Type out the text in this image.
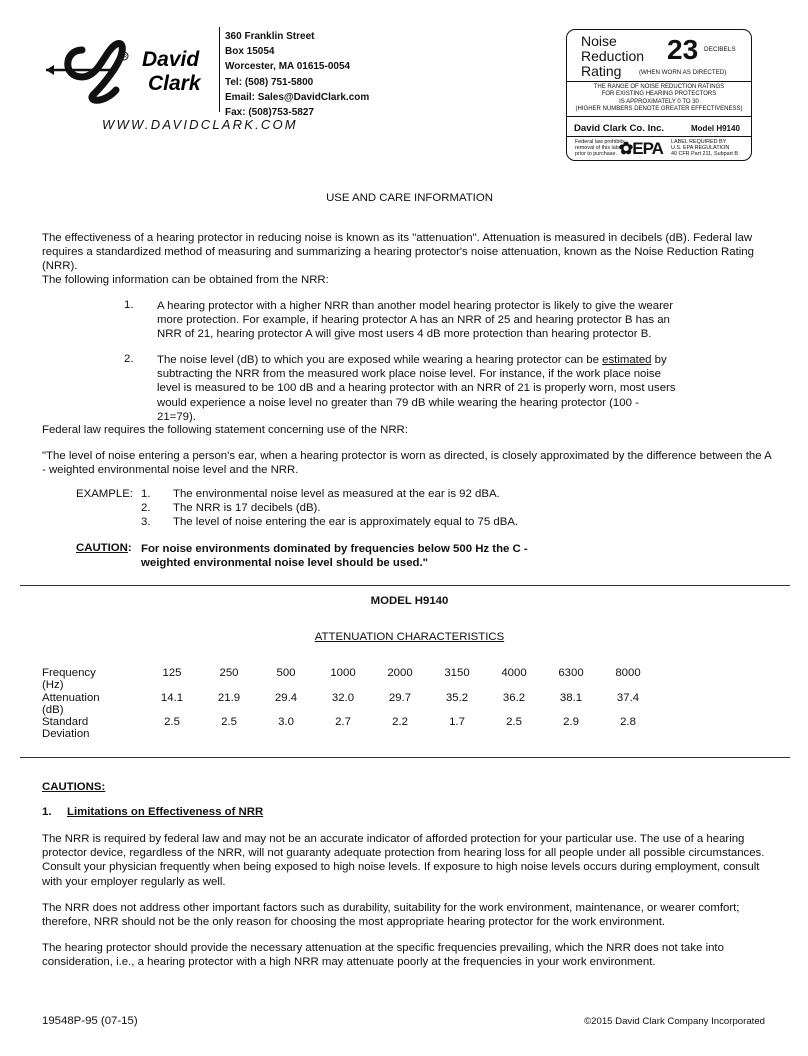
R David
Clark
WWW.DAVIDCLARK.COM
360 Franklin Street
Box 15054
Worcester, MA 01615-0054
Tel: (508) 751-5800
Email: Sales@DavidClark.com
Fax: (508)753-5827
Noise
Reduction
Rating
23 DECIBELS
(WHEN WORN AS DIRECTED)
THE RANGE OF NOISE REDUCTION RATINGS
FOR EXISTING HEARING PROTECTORS
IS APPROXIMATELY 0 TO 30
(HIGHER NUMBERS DENOTE GREATER EFFECTIVENESS)
David Clark Co. Inc.	Model H9140
Federal law prohibits
removal of this label
prior to purchase. ✿EPA LABEL REQUIRED BY
U.S. EPA REGULATION
40 CFR Part 211, Subpart B
USE AND CARE INFORMATION
The effectiveness of a hearing protector in reducing noise is known as its "attenuation". Attenuation is measured in decibels (dB). Federal law requires a standardized method of measuring and summarizing a hearing protector's noise attenuation, known as the Noise Reduction Rating (NRR).
The following information can be obtained from the NRR:
1. A hearing protector with a higher NRR than another model hearing protector is likely to give the wearer more protection. For example, if hearing protector A has an NRR of 25 and hearing protector B has an NRR of 21, hearing protector A will give most users 4 dB more protection than hearing protector B.
2. The noise level (dB) to which you are exposed while wearing a hearing protector can be estimated by subtracting the NRR from the measured work place noise level. For instance, if the work place noise level is measured to be 100 dB and a hearing protector with an NRR of 21 is properly worn, most users would experience a noise level no greater than 79 dB while wearing the hearing protector (100 - 21=79).
Federal law requires the following statement concerning use of the NRR:
"The level of noise entering a person's ear, when a hearing protector is worn as directed, is closely approximated by the difference between the A - weighted environmental noise level and the NRR.
EXAMPLE: 1. The environmental noise level as measured at the ear is 92 dBA.
2. The NRR is 17 decibels (dB).
3. The level of noise entering the ear is approximately equal to 75 dBA.
CAUTION: For noise environments dominated by frequencies below 500 Hz the C -
weighted environmental noise level should be used."
MODEL H9140
ATTENUATION CHARACTERISTICS
Frequency (Hz)
125	250	500	1000	2000	3150	4000	6300	8000
Attenuation (dB)
14.1	21.9	29.4	32.0	29.7	35.2	36.2	38.1	37.4
Standard Deviation
2.5	2.5	3.0	2.7	2.2	1.7	2.5	2.9	2.8
CAUTIONS:
1. Limitations on Effectiveness of NRR
The NRR is required by federal law and may not be an accurate indicator of afforded protection for your particular use. The use of a hearing protector device, regardless of the NRR, will not guaranty adequate protection from hearing loss for all people under all possible circumstances. Consult your physician frequently when being exposed to high noise levels. If exposure to high noise levels occurs during employment, consult with your employer regularly as well.
The NRR does not address other important factors such as durability, suitability for the work environment, maintenance, or wearer comfort; therefore, NRR should not be the only reason for choosing the most appropriate hearing protector for the work environment.
The hearing protector should provide the necessary attenuation at the specific frequencies prevailing, which the NRR does not take into consideration, i.e., a hearing protector with a high NRR may attenuate poorly at the frequencies in your work environment.
19548P-95 (07-15)	©2015 David Clark Company Incorporated
